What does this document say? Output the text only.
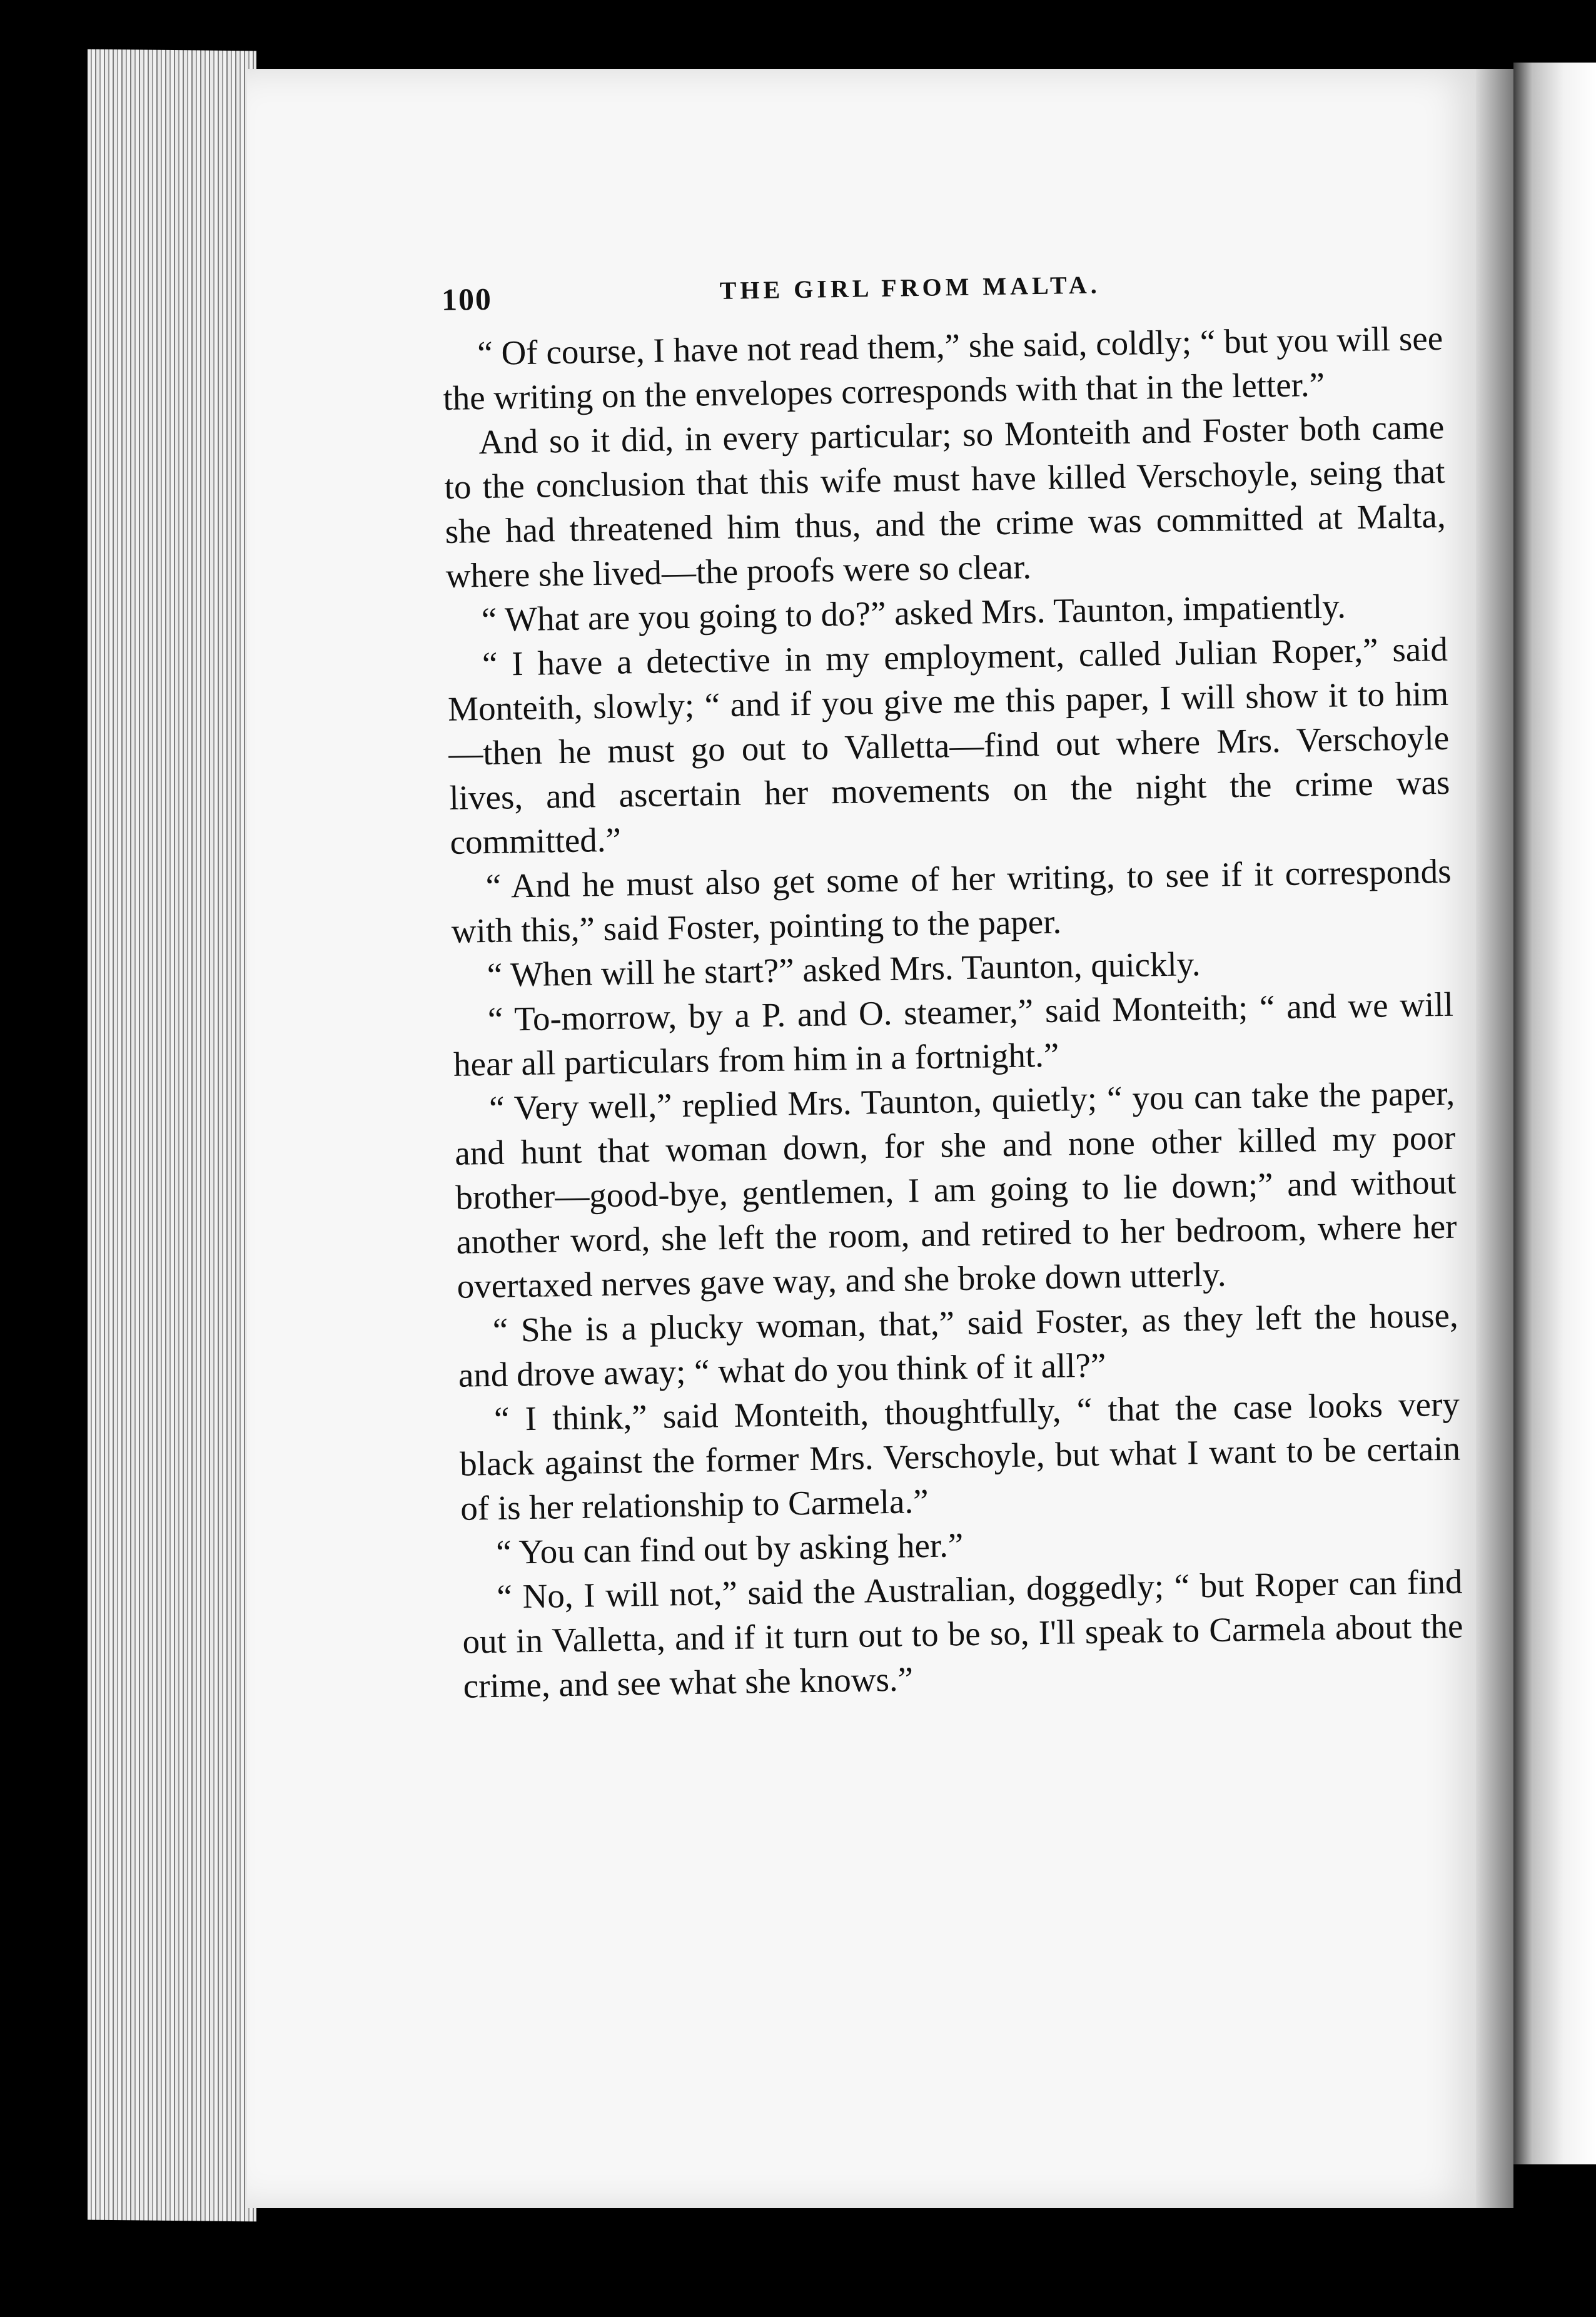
100	THE GIRL FROM MALTA.

“ Of course, I have not read them,” she said, coldly; “ but you will see the writing on the envelopes corresponds with that in the letter.”

And so it did, in every particular; so Monteith and Foster both came to the conclusion that this wife must have killed Verschoyle, seing that she had threatened him thus, and the crime was committed at Malta, where she lived—the proofs were so clear.

“ What are you going to do?” asked Mrs. Taunton, impatiently.

“ I have a detective in my employment, called Julian Roper,” said Monteith, slowly; “ and if you give me this paper, I will show it to him—then he must go out to Valletta—find out where Mrs. Verschoyle lives, and ascertain her movements on the night the crime was committed.”

“ And he must also get some of her writing, to see if it corresponds with this,” said Foster, pointing to the paper.

“ When will he start?” asked Mrs. Taunton, quickly.

“ To-morrow, by a P. and O. steamer,” said Monteith; “ and we will hear all particulars from him in a fortnight.”

“ Very well,” replied Mrs. Taunton, quietly; “ you can take the paper, and hunt that woman down, for she and none other killed my poor brother—good-bye, gentlemen, I am going to lie down;” and without another word, she left the room, and retired to her bedroom, where her overtaxed nerves gave way, and she broke down utterly.

“ She is a plucky woman, that,” said Foster, as they left the house, and drove away; “ what do you think of it all?”

“ I think,” said Monteith, thoughtfully, “ that the case looks very black against the former Mrs. Verschoyle, but what I want to be certain of is her relationship to Carmela.”

“ You can find out by asking her.”

“ No, I will not,” said the Australian, doggedly; “ but Roper can find out in Valletta, and if it turn out to be so, I'll speak to Carmela about the crime, and see what she knows.”
